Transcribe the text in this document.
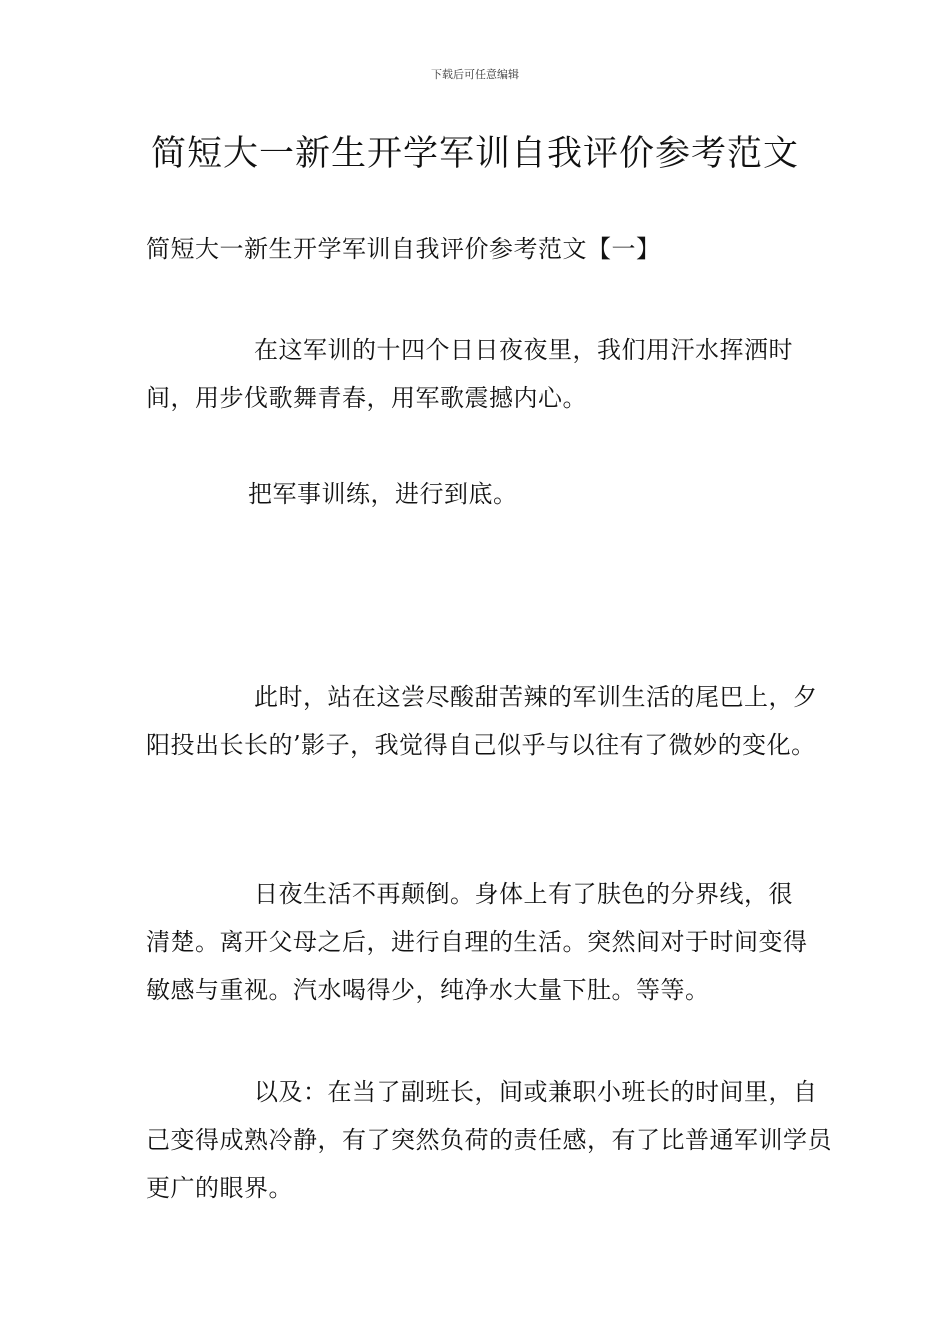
下载后可任意编辑
简短大一新生开学军训自我评价参考范文
简短大一新生开学军训自我评价参考范文【一】

在这军训的十四个日日夜夜里，我们用汗水挥洒时间，用步伐歌舞青春，用军歌震撼内心。

把军事训练，进行到底。

此时，站在这尝尽酸甜苦辣的军训生活的尾巴上，夕阳投出长长的’影子，我觉得自己似乎与以往有了微妙的变化。

日夜生活不再颠倒。身体上有了肤色的分界线，很清楚。离开父母之后，进行自理的生活。突然间对于时间变得敏感与重视。汽水喝得少，纯净水大量下肚。等等。

以及：在当了副班长，间或兼职小班长的时间里，自己变得成熟冷静，有了突然负荷的责任感，有了比普通军训学员更广的眼界。
